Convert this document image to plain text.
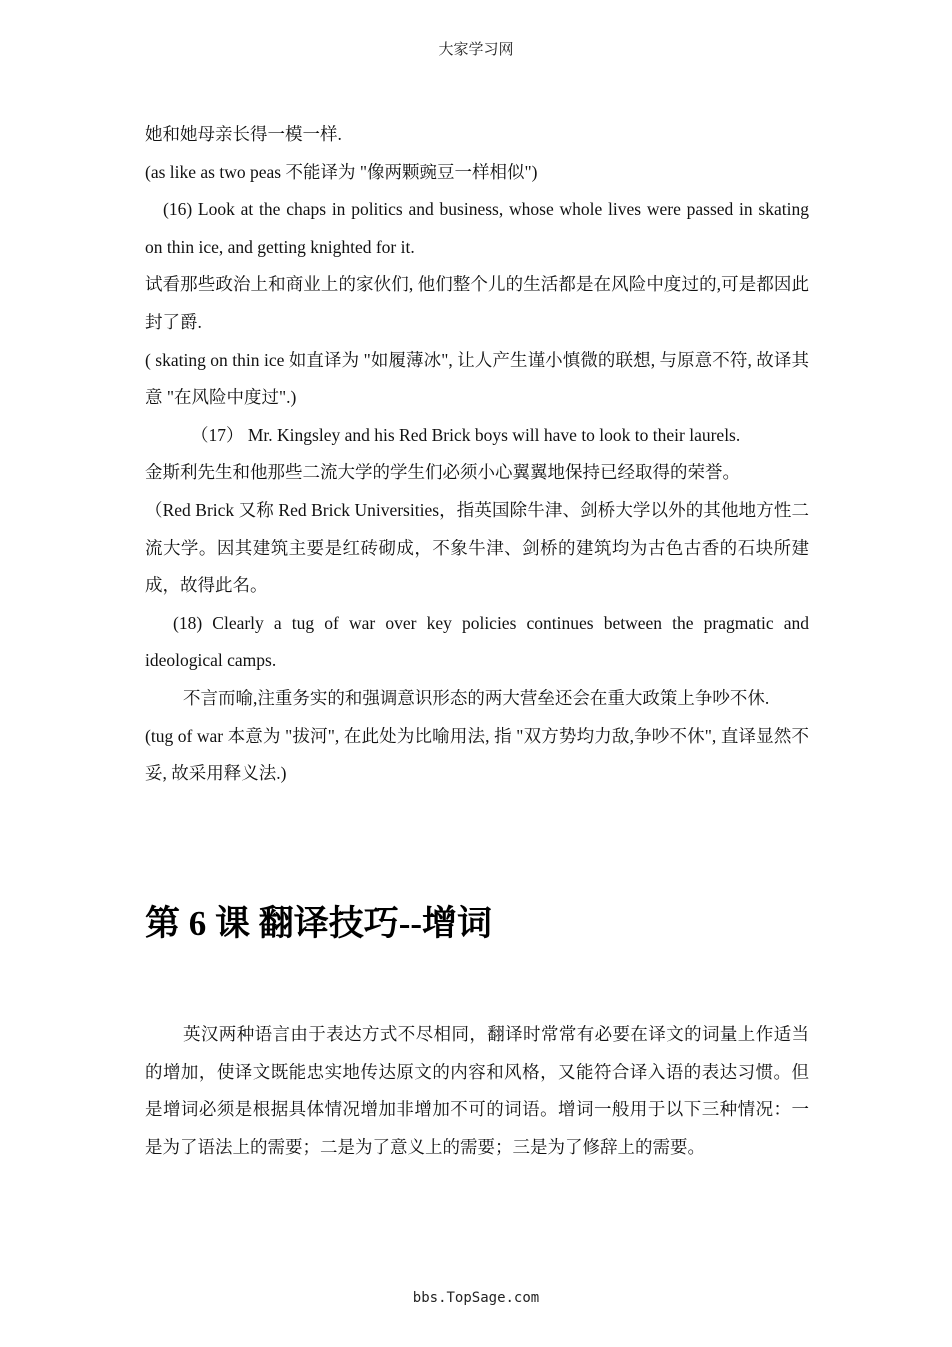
大家学习网

她和她母亲长得一模一样.

(as like as two peas 不能译为 "像两颗豌豆一样相似")

(16) Look at the chaps in politics and business, whose whole lives were passed in skating on thin ice, and getting knighted for it.

试看那些政治上和商业上的家伙们, 他们整个儿的生活都是在风险中度过的,可是都因此封了爵.

( skating on thin ice 如直译为 "如履薄冰", 让人产生谨小慎微的联想, 与原意不符, 故译其意 "在风险中度过".)

（17） Mr. Kingsley and his Red Brick boys will have to look to their laurels.

金斯利先生和他那些二流大学的学生们必须小心翼翼地保持已经取得的荣誉。

（Red Brick 又称 Red Brick Universities，指英国除牛津、剑桥大学以外的其他地方性二流大学。因其建筑主要是红砖砌成，不象牛津、剑桥的建筑均为古色古香的石块所建成，故得此名。

(18) Clearly a tug of war over key policies continues between the pragmatic and ideological camps.

不言而喻,注重务实的和强调意识形态的两大营垒还会在重大政策上争吵不休.

(tug of war 本意为 "拔河", 在此处为比喻用法, 指 "双方势均力敌,争吵不休", 直译显然不妥, 故采用释义法.)

第 6 课 翻译技巧--增词

英汉两种语言由于表达方式不尽相同，翻译时常常有必要在译文的词量上作适当的增加，使译文既能忠实地传达原文的内容和风格，又能符合译入语的表达习惯。但是增词必须是根据具体情况增加非增加不可的词语。增词一般用于以下三种情况：一是为了语法上的需要；二是为了意义上的需要；三是为了修辞上的需要。

bbs.TopSage.com
